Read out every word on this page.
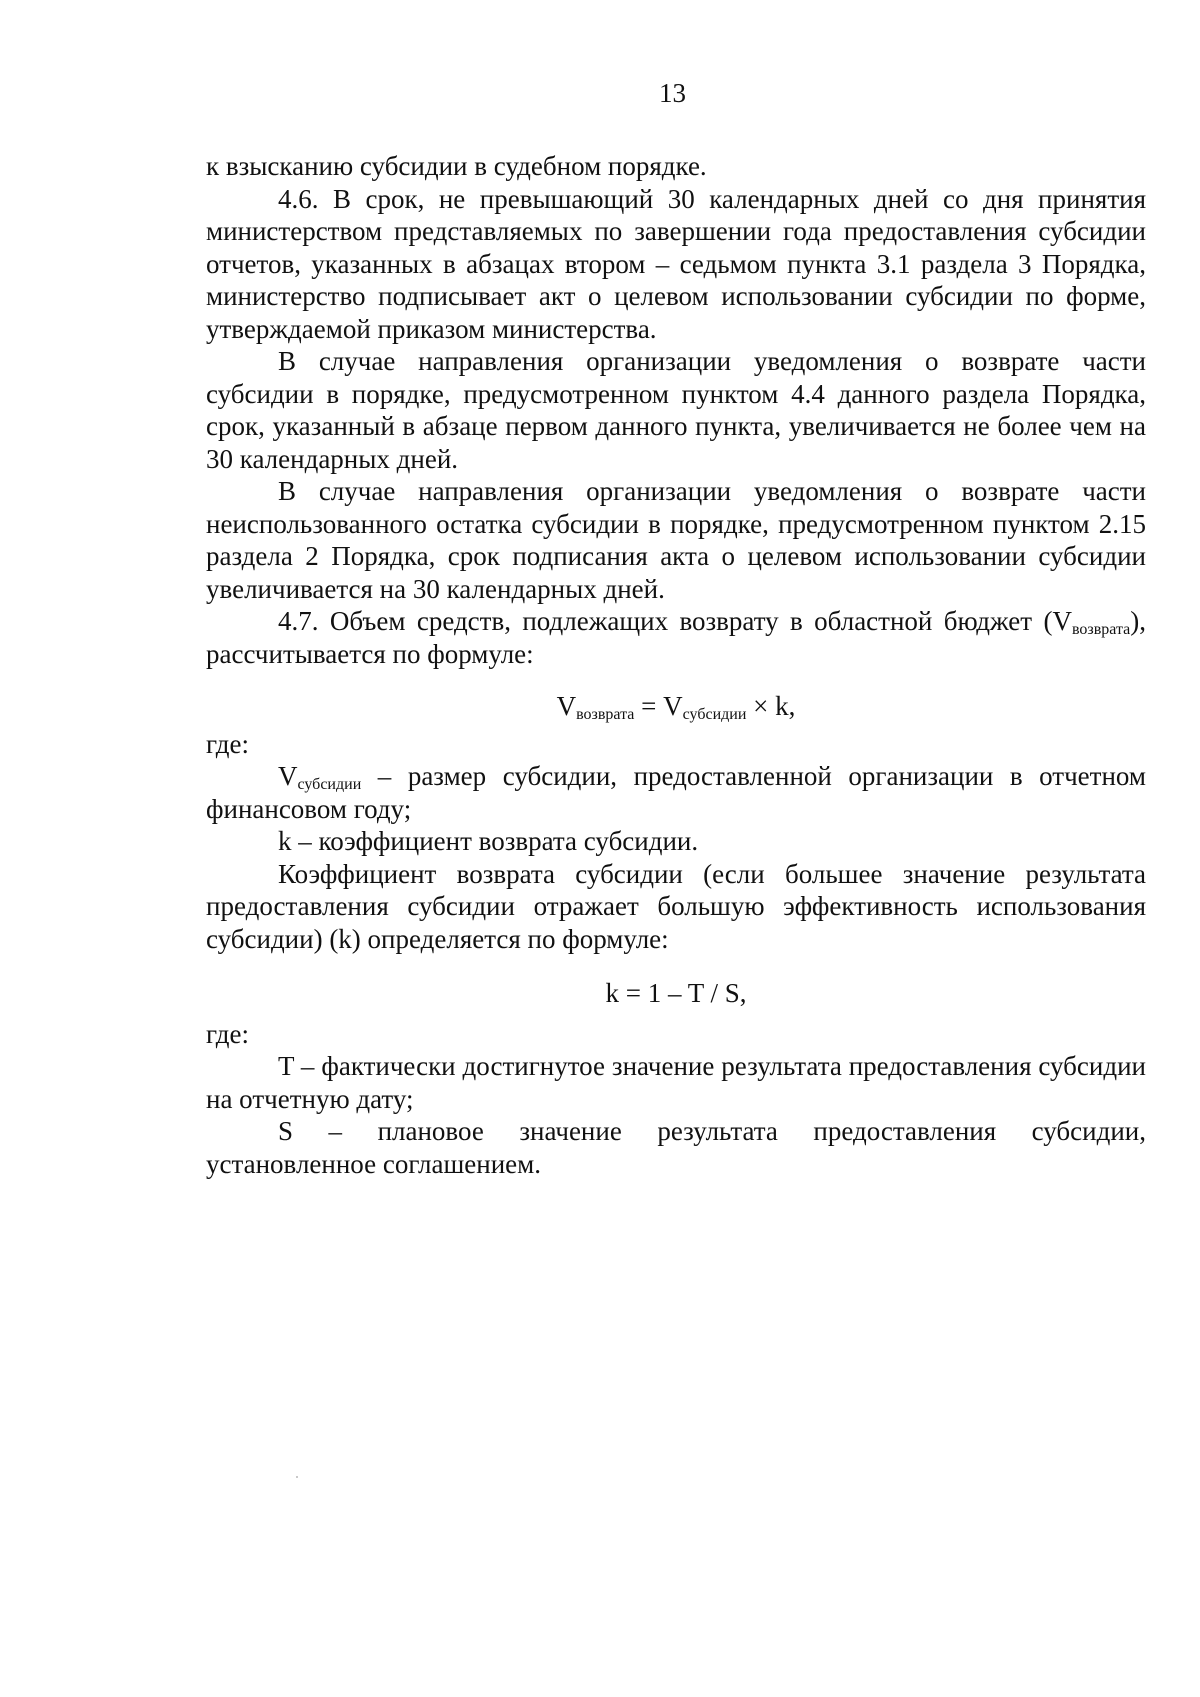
13

к взысканию субсидии в судебном порядке.

4.6. В срок, не превышающий 30 календарных дней со дня принятия министерством представляемых по завершении года предоставления субсидии отчетов, указанных в абзацах втором – седьмом пункта 3.1 раздела 3 Порядка, министерство подписывает акт о целевом использовании субсидии по форме, утверждаемой приказом министерства.

В случае направления организации уведомления о возврате части субсидии в порядке, предусмотренном пунктом 4.4 данного раздела Порядка, срок, указанный в абзаце первом данного пункта, увеличивается не более чем на 30 календарных дней.

В случае направления организации уведомления о возврате части неиспользованного остатка субсидии в порядке, предусмотренном пунктом 2.15 раздела 2 Порядка, срок подписания акта о целевом использовании субсидии увеличивается на 30 календарных дней.

4.7. Объем средств, подлежащих возврату в областной бюджет $(V_{возврата})$, рассчитывается по формуле:

$V_{возврата} = V_{субсидии} \times k$,

где:

$V_{субсидии}$ – размер субсидии, предоставленной организации в отчетном финансовом году;

k – коэффициент возврата субсидии.

Коэффициент возврата субсидии (если большее значение результата предоставления субсидии отражает большую эффективность использования субсидии) (k) определяется по формуле:

k = 1 – T / S,

где:

T – фактически достигнутое значение результата предоставления субсидии на отчетную дату;

S – плановое значение результата предоставления субсидии, установленное соглашением.
